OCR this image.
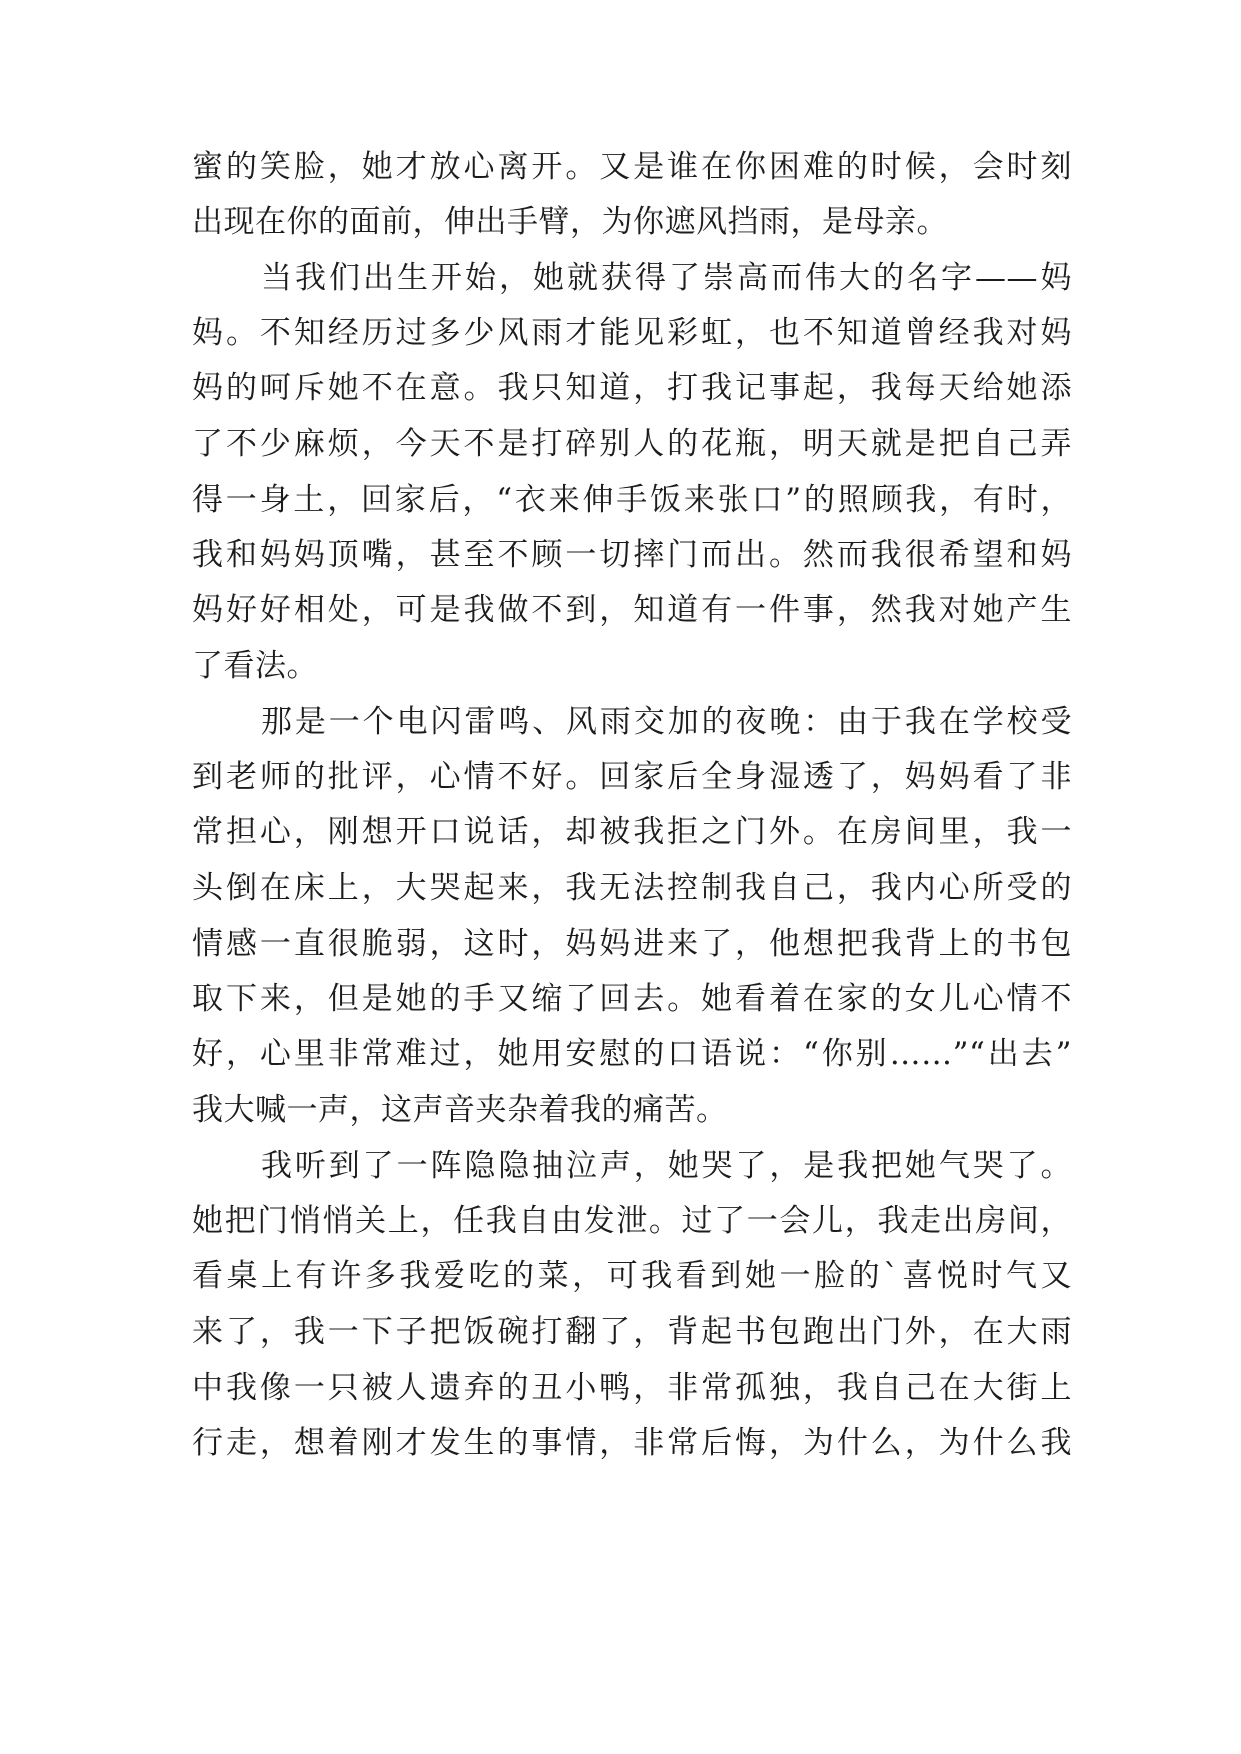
蜜的笑脸，她才放心离开。又是谁在你困难的时候，会时刻
出现在你的面前，伸出手臂，为你遮风挡雨，是母亲。
当我们出生开始，她就获得了崇高而伟大的名字——妈
妈。不知经历过多少风雨才能见彩虹，也不知道曾经我对妈
妈的呵斥她不在意。我只知道，打我记事起，我每天给她添
了不少麻烦，今天不是打碎别人的花瓶，明天就是把自己弄
得一身土，回家后，“衣来伸手饭来张口”的照顾我，有时，
我和妈妈顶嘴，甚至不顾一切摔门而出。然而我很希望和妈
妈好好相处，可是我做不到，知道有一件事，然我对她产生
了看法。
那是一个电闪雷鸣、风雨交加的夜晚：由于我在学校受
到老师的批评，心情不好。回家后全身湿透了，妈妈看了非
常担心，刚想开口说话，却被我拒之门外。在房间里，我一
头倒在床上，大哭起来，我无法控制我自己，我内心所受的
情感一直很脆弱，这时，妈妈进来了，他想把我背上的书包
取下来，但是她的手又缩了回去。她看着在家的女儿心情不
好，心里非常难过，她用安慰的口语说：“你别……”“出去”
我大喊一声，这声音夹杂着我的痛苦。
我听到了一阵隐隐抽泣声，她哭了，是我把她气哭了。
她把门悄悄关上，任我自由发泄。过了一会儿，我走出房间，
看桌上有许多我爱吃的菜，可我看到她一脸的`喜悦时气又
来了，我一下子把饭碗打翻了，背起书包跑出门外，在大雨
中我像一只被人遗弃的丑小鸭，非常孤独，我自己在大街上
行走，想着刚才发生的事情，非常后悔，为什么，为什么我
